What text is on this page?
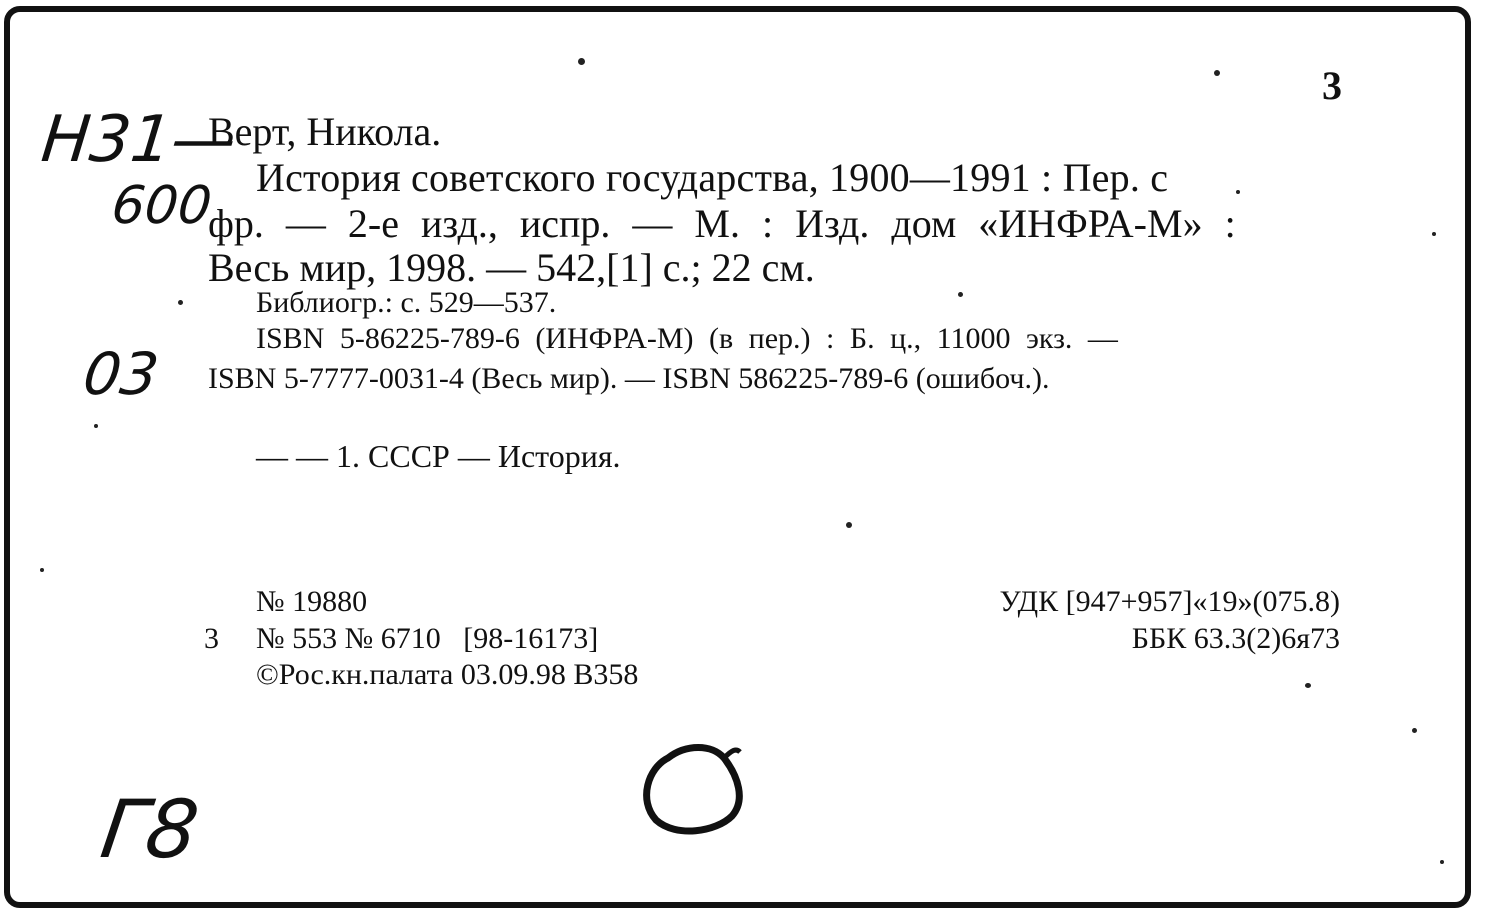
3
Н31—
600
03
Г8
Верт, Никола.
История советского государства, 1900—1991 : Пер. с
фр. — 2-е изд., испр. — М. : Изд. дом «ИНФРА-М» :
Весь мир, 1998. — 542,[1] с.; 22 см.
Библиогр.: с. 529—537.
ISBN 5-86225-789-6 (ИНФРА-М) (в пер.) : Б. ц., 11000 экз. —
ISBN 5-7777-0031-4 (Весь мир). — ISBN 586225-789-6 (ошибоч.).
— — 1. СССР — История.
№ 19880
3 № 553 № 6710   [98-16173]
©Рос.кн.палата 03.09.98 В358
УДК [947+957]«19»(075.8)
ББК 63.3(2)6я73
